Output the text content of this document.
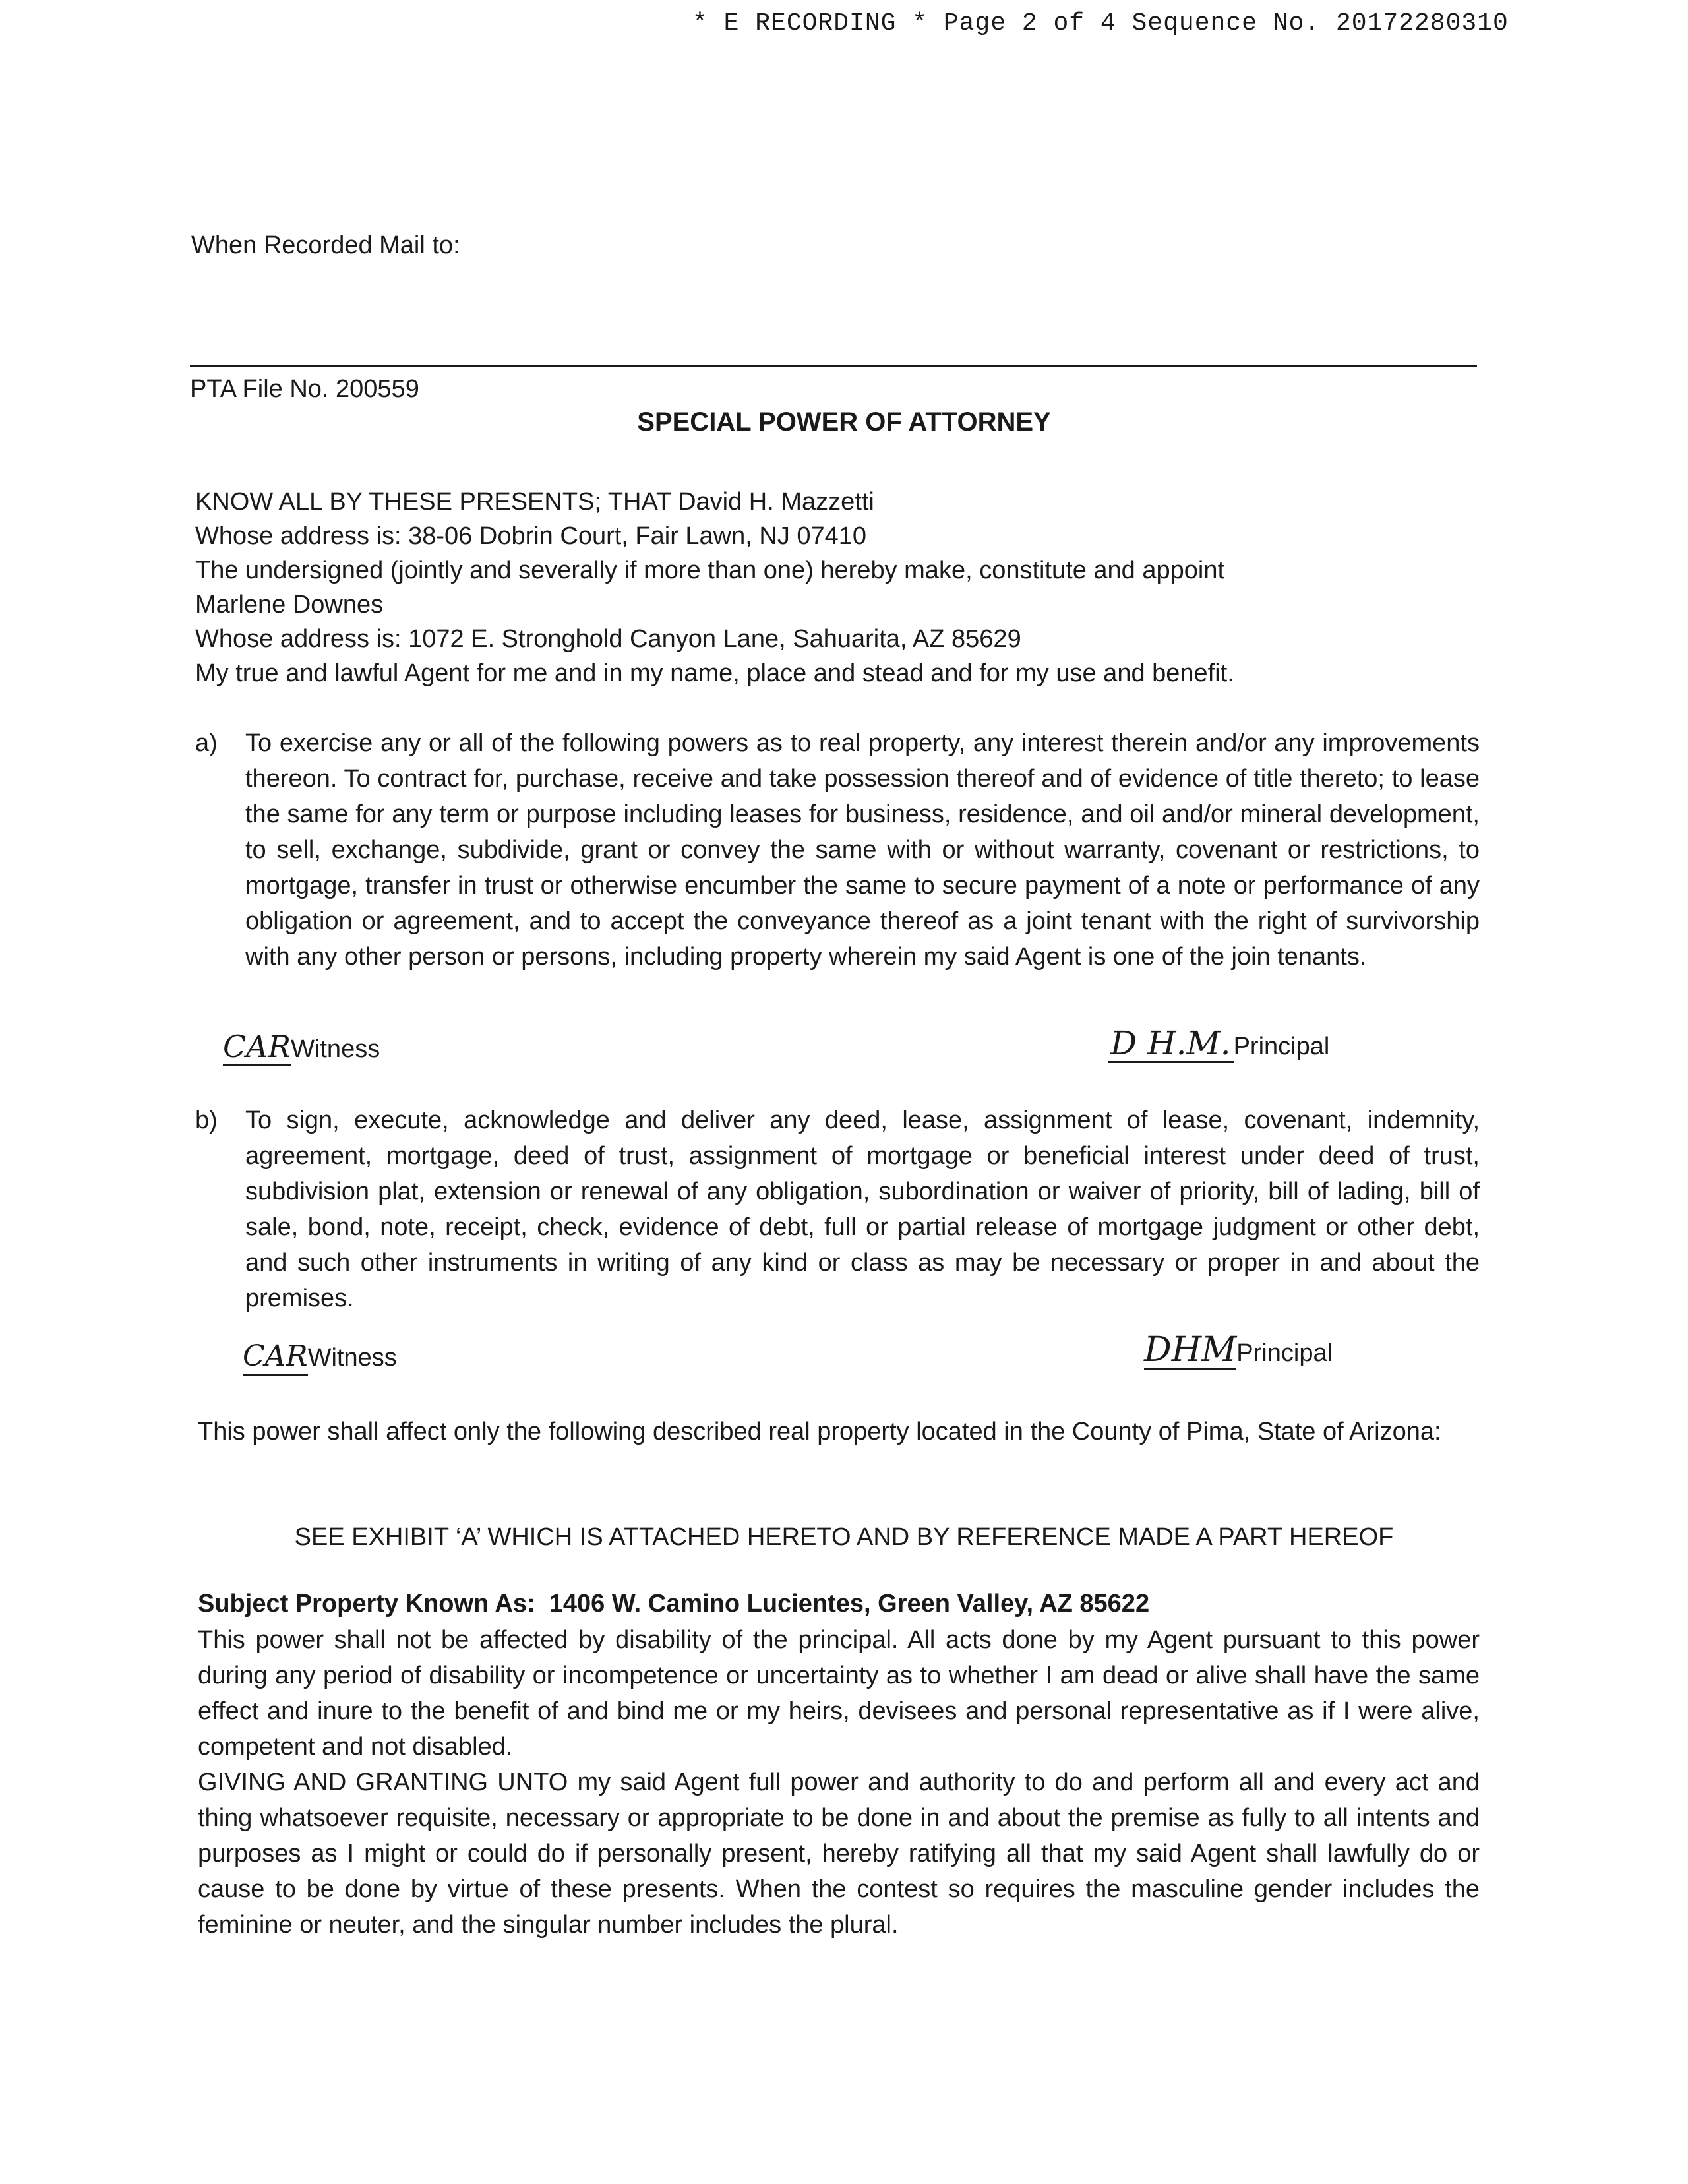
* E RECORDING * Page 2 of 4 Sequence No. 20172280310
When Recorded Mail to:
PTA File No. 200559
SPECIAL POWER OF ATTORNEY
KNOW ALL BY THESE PRESENTS; THAT David H. Mazzetti
Whose address is: 38-06 Dobrin Court, Fair Lawn, NJ 07410
The undersigned (jointly and severally if more than one) hereby make, constitute and appoint
Marlene Downes
Whose address is: 1072 E. Stronghold Canyon Lane, Sahuarita, AZ 85629
My true and lawful Agent for me and in my name, place and stead and for my use and benefit.
a) To exercise any or all of the following powers as to real property, any interest therein and/or any improvements thereon. To contract for, purchase, receive and take possession thereof and of evidence of title thereto; to lease the same for any term or purpose including leases for business, residence, and oil and/or mineral development, to sell, exchange, subdivide, grant or convey the same with or without warranty, covenant or restrictions, to mortgage, transfer in trust or otherwise encumber the same to secure payment of a note or performance of any obligation or agreement, and to accept the conveyance thereof as a joint tenant with the right of survivorship with any other person or persons, including property wherein my said Agent is one of the join tenants.
CARWitness	D H.M. Principal
b) To sign, execute, acknowledge and deliver any deed, lease, assignment of lease, covenant, indemnity, agreement, mortgage, deed of trust, assignment of mortgage or beneficial interest under deed of trust, subdivision plat, extension or renewal of any obligation, subordination or waiver of priority, bill of lading, bill of sale, bond, note, receipt, check, evidence of debt, full or partial release of mortgage judgment or other debt, and such other instruments in writing of any kind or class as may be necessary or proper in and about the premises.
CARWitness	DHMPrincipal
This power shall affect only the following described real property located in the County of Pima, State of Arizona:
SEE EXHIBIT ‘A’ WHICH IS ATTACHED HERETO AND BY REFERENCE MADE A PART HEREOF
Subject Property Known As: 1406 W. Camino Lucientes, Green Valley, AZ 85622
This power shall not be affected by disability of the principal. All acts done by my Agent pursuant to this power during any period of disability or incompetence or uncertainty as to whether I am dead or alive shall have the same effect and inure to the benefit of and bind me or my heirs, devisees and personal representative as if I were alive, competent and not disabled.
GIVING AND GRANTING UNTO my said Agent full power and authority to do and perform all and every act and thing whatsoever requisite, necessary or appropriate to be done in and about the premise as fully to all intents and purposes as I might or could do if personally present, hereby ratifying all that my said Agent shall lawfully do or cause to be done by virtue of these presents. When the contest so requires the masculine gender includes the feminine or neuter, and the singular number includes the plural.
